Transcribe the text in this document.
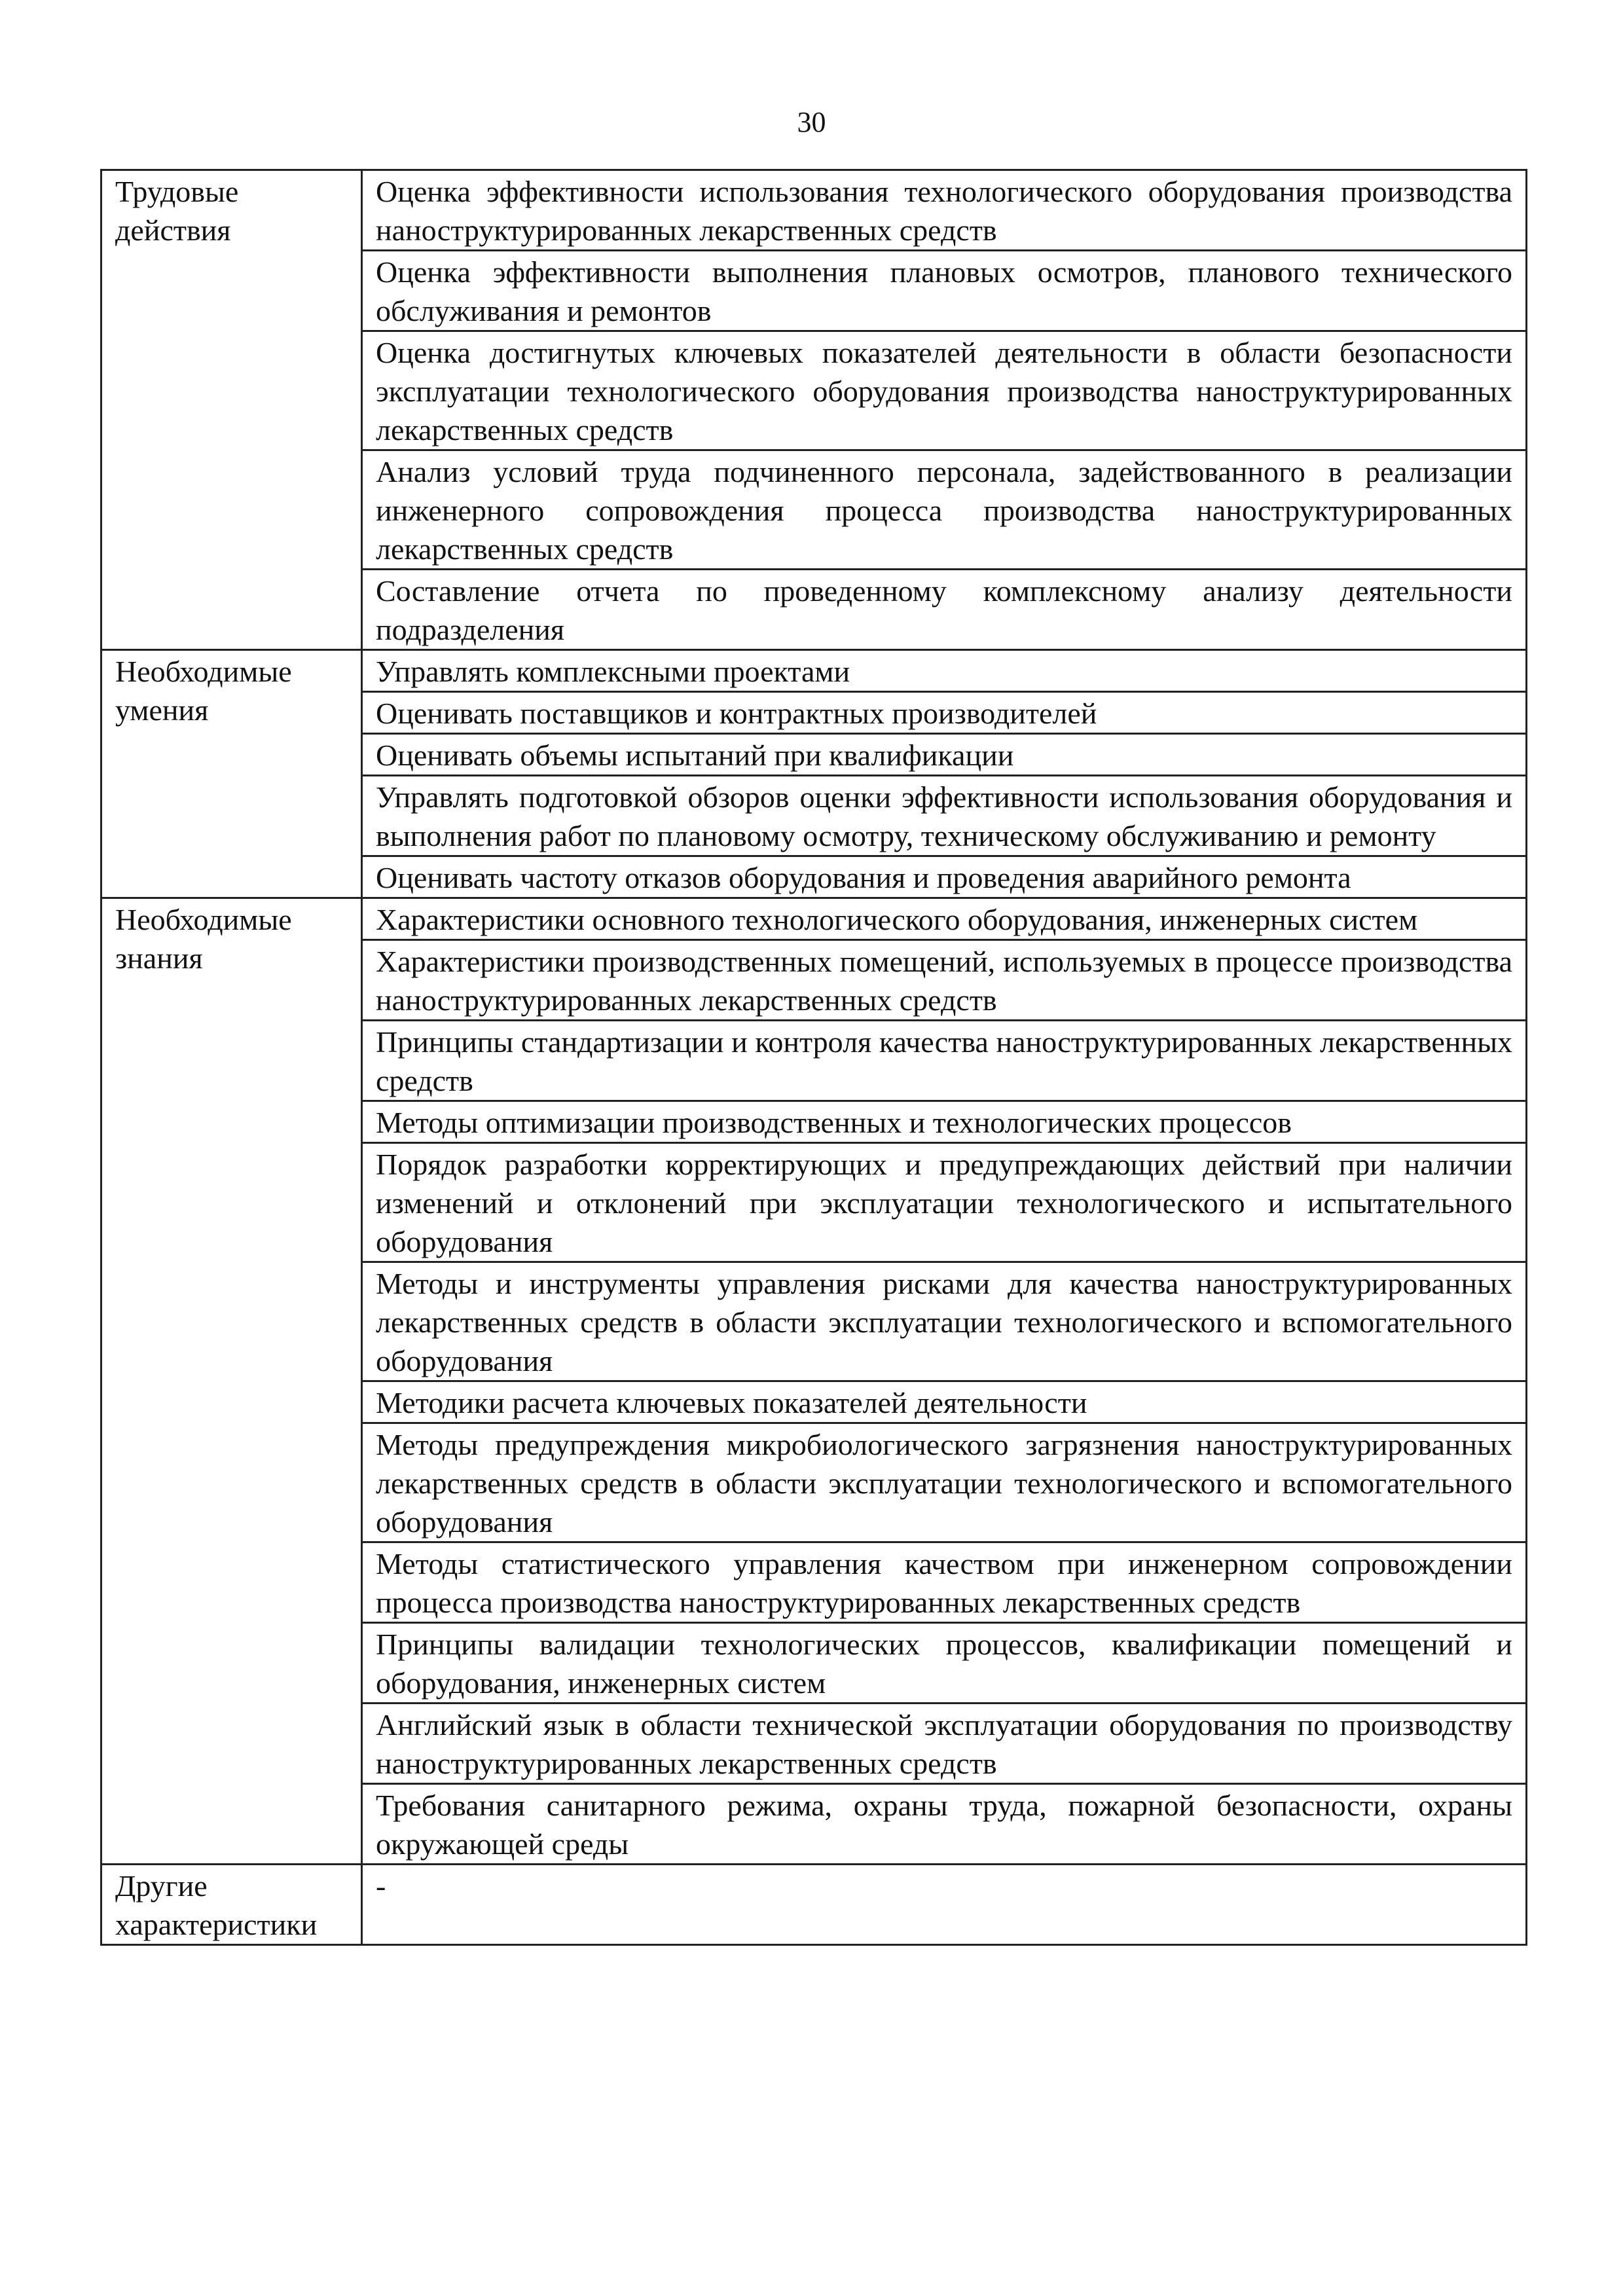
30
Трудовые действия	Оценка эффективности использования технологического оборудования производства наноструктурированных лекарственных средств
	Оценка эффективности выполнения плановых осмотров, планового технического обслуживания и ремонтов
	Оценка достигнутых ключевых показателей деятельности в области безопасности эксплуатации технологического оборудования производства наноструктурированных лекарственных средств
	Анализ условий труда подчиненного персонала, задействованного в реализации инженерного сопровождения процесса производства наноструктурированных лекарственных средств
	Составление отчета по проведенному комплексному анализу деятельности подразделения
Необходимые умения	Управлять комплексными проектами
	Оценивать поставщиков и контрактных производителей
	Оценивать объемы испытаний при квалификации
	Управлять подготовкой обзоров оценки эффективности использования оборудования и выполнения работ по плановому осмотру, техническому обслуживанию и ремонту
	Оценивать частоту отказов оборудования и проведения аварийного ремонта
Необходимые знания	Характеристики основного технологического оборудования, инженерных систем
	Характеристики производственных помещений, используемых в процессе производства наноструктурированных лекарственных средств
	Принципы стандартизации и контроля качества наноструктурированных лекарственных средств
	Методы оптимизации производственных и технологических процессов
	Порядок разработки корректирующих и предупреждающих действий при наличии изменений и отклонений при эксплуатации технологического и испытательного оборудования
	Методы и инструменты управления рисками для качества наноструктурированных лекарственных средств в области эксплуатации технологического и вспомогательного оборудования
	Методики расчета ключевых показателей деятельности
	Методы предупреждения микробиологического загрязнения наноструктурированных лекарственных средств в области эксплуатации технологического и вспомогательного оборудования
	Методы статистического управления качеством при инженерном сопровождении процесса производства наноструктурированных лекарственных средств
	Принципы валидации технологических процессов, квалификации помещений и оборудования, инженерных систем
	Английский язык в области технической эксплуатации оборудования по производству наноструктурированных лекарственных средств
	Требования санитарного режима, охраны труда, пожарной безопасности, охраны окружающей среды
Другие характеристики	-
